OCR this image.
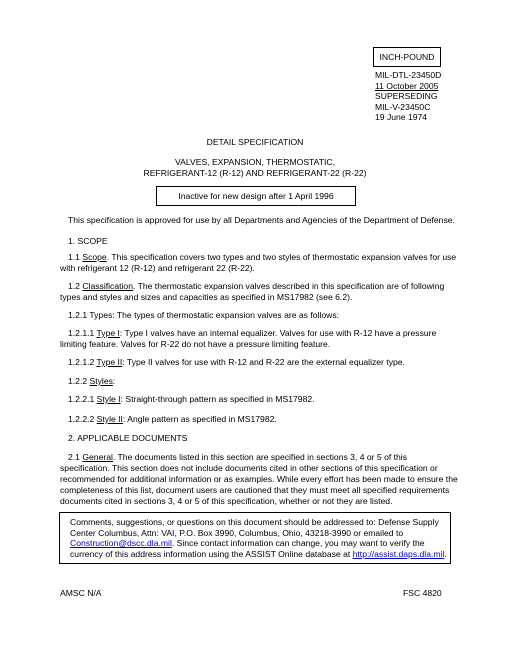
INCH-POUND
MIL-DTL-23450D
11 October 2005
SUPERSEDING
MIL-V-23450C
19 June 1974
DETAIL SPECIFICATION
VALVES, EXPANSION, THERMOSTATIC,
REFRIGERANT-12 (R-12) AND REFRIGERANT-22 (R-22)
Inactive for new design after 1 April 1996
This specification is approved for use by all Departments and Agencies of the Department of Defense.
1. SCOPE
1.1 Scope. This specification covers two types and two styles of thermostatic expansion valves for use
with refrigerant 12 (R-12) and refrigerant 22 (R-22).
1.2 Classification. The thermostatic expansion valves described in this specification are of following
types and styles and sizes and capacities as specified in MS17982 (see 6.2).
1.2.1 Types: The types of thermostatic expansion valves are as follows:
1.2.1.1 Type I: Type I valves have an internal equalizer. Valves for use with R-12 have a pressure
limiting feature. Valves for R-22 do not have a pressure limiting feature.
1.2.1.2 Type II: Type II valves for use with R-12 and R-22 are the external equalizer type.
1.2.2 Styles:
1.2.2.1 Style I: Straight-through pattern as specified in MS17982.
1.2.2.2 Style II: Angle pattern as specified in MS17982.
2. APPLICABLE DOCUMENTS
2.1 General. The documents listed in this section are specified in sections 3, 4 or 5 of this
specification. This section does not include documents cited in other sections of this specification or
recommended for additional information or as examples. While every effort has been made to ensure the
completeness of this list, document users are cautioned that they must meet all specified requirements
documents cited in sections 3, 4 or 5 of this specification, whether or not they are listed.
Comments, suggestions, or questions on this document should be addressed to: Defense Supply
Center Columbus, Attn: VAI, P.O. Box 3990, Columbus, Ohio, 43218-3990 or emailed to
Construction@dscc.dla.mil. Since contact information can change, you may want to verify the
currency of this address information using the ASSIST Online database at http://assist.daps.dla.mil.
AMSC N/A	FSC 4820
